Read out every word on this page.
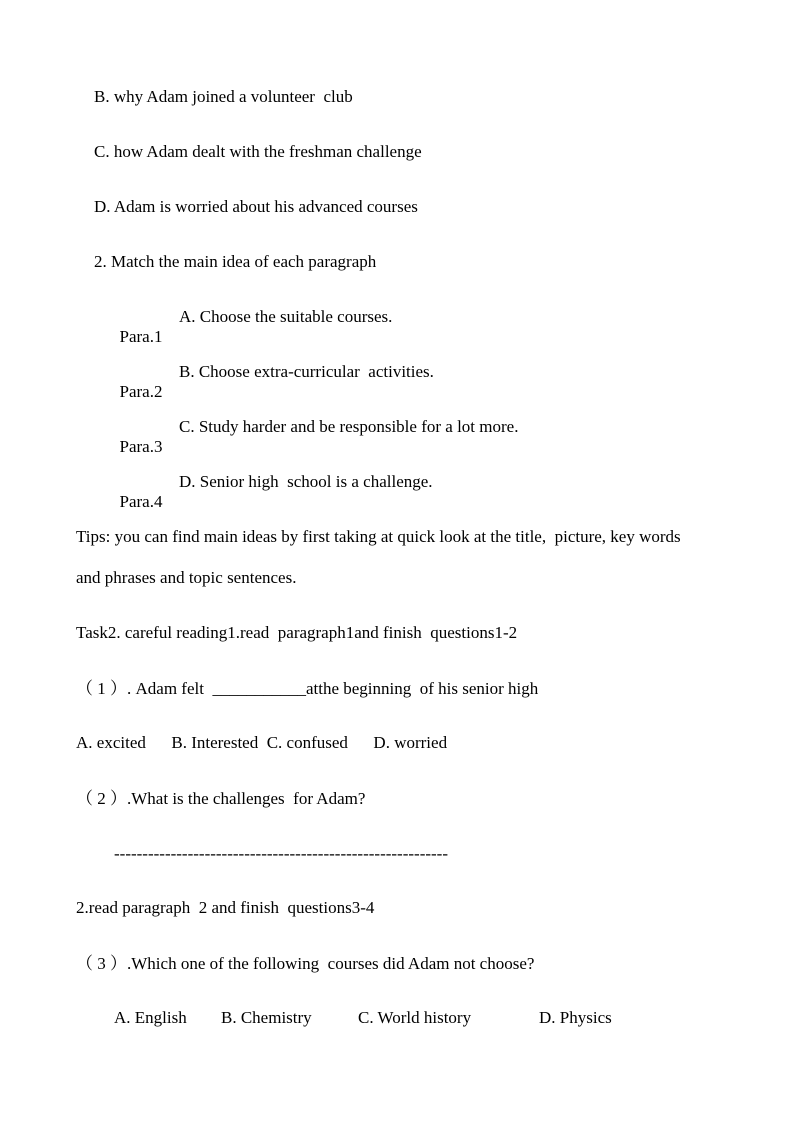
B. why Adam joined a volunteer  club
C. how Adam dealt with the freshman challenge
D. Adam is worried about his advanced courses
2. Match the main idea of each paragraph

Para.1

A. Choose the suitable courses.

Para.2

B. Choose extra-curricular  activities.

Para.3

C. Study harder and be responsible for a lot more.

Para.4

D. Senior high  school is a challenge.

Tips: you can find main ideas by first taking at quick look at the title,  picture, key words
and phrases and topic sentences.
Task2. careful reading1.read  paragraph1and finish  questions1-2
（ 1 ）. Adam felt  ___________atthe beginning  of his senior high
A. excited      B. Interested  C. confused      D. worried
（ 2 ）.What is the challenges  for Adam?
-----------------------------------------------------------
2.read paragraph  2 and finish  questions3-4
（ 3 ）.Which one of the following  courses did Adam not choose?
A. English B. Chemistry	C. World history	D. Physics
